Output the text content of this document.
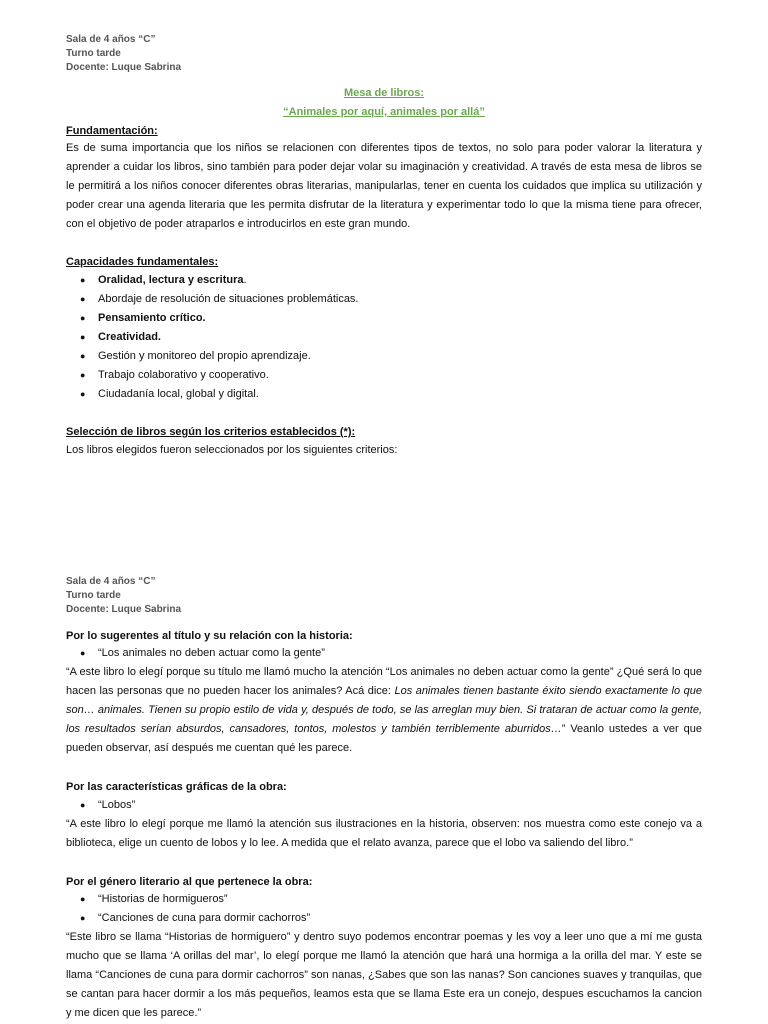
Sala de 4 años “C”
Turno tarde
Docente: Luque Sabrina
Mesa de libros:
“Animales por aquí, animales por allá”
Fundamentación:
Es de suma importancia que los niños se relacionen con diferentes tipos de textos, no solo para poder valorar la literatura y aprender a cuidar los libros, sino también para poder dejar volar su imaginación y creatividad. A través de esta mesa de libros se le permitirá a los niños conocer diferentes obras literarias, manipularlas, tener en cuenta los cuidados que implica su utilización y poder crear una agenda literaria que les permita disfrutar de la literatura y experimentar todo lo que la misma tiene para ofrecer, con el objetivo de poder atraparlos e introducirlos en este gran mundo.
Capacidades fundamentales:
● Oralidad, lectura y escritura.
● Abordaje de resolución de situaciones problemáticas.
● Pensamiento crítico.
● Creatividad.
● Gestión y monitoreo del propio aprendizaje.
● Trabajo colaborativo y cooperativo.
● Ciudadanía local, global y digital.
Selección de libros según los criterios establecidos (*):
Los libros elegidos fueron seleccionados por los siguientes criterios:
Sala de 4 años “C”
Turno tarde
Docente: Luque Sabrina
Por lo sugerentes al título y su relación con la historia:
● “Los animales no deben actuar como la gente”
“A este libro lo elegí porque su título me llamó mucho la atención “Los animales no deben actuar como la gente” ¿Qué será lo que hacen las personas que no pueden hacer los animales? Acá dice: Los animales tienen bastante éxito siendo exactamente lo que son… animales. Tienen su propio estilo de vida y, después de todo, se las arreglan muy bien. Si trataran de actuar como la gente, los resultados serían absurdos, cansadores, tontos, molestos y también terriblemente aburridos…” Veanlo ustedes a ver que pueden observar, así después me cuentan qué les parece.
Por las características gráficas de la obra:
● “Lobos”
“A este libro lo elegí porque me llamó la atención sus ilustraciones en la historia, observen: nos muestra como este conejo va a biblioteca, elige un cuento de lobos y lo lee. A medida que el relato avanza, parece que el lobo va saliendo del libro.”
Por el género literario al que pertenece la obra:
● “Historias de hormigueros”
● “Canciones de cuna para dormir cachorros”
“Este libro se llama “Historias de hormiguero” y dentro suyo podemos encontrar poemas y les voy a leer uno que a mí me gusta mucho que se llama ‘A orillas del mar’, lo elegí porque me llamó la atención que hará una hormiga a la orilla del mar. Y este se llama “Canciones de cuna para dormir cachorros” son nanas, ¿Sabes que son las nanas? Son canciones suaves y tranquilas, que se cantan para hacer dormir a los más pequeños, leamos esta que se llama Este era un conejo, despues escuchamos la cancion y me dicen que les parece.”
